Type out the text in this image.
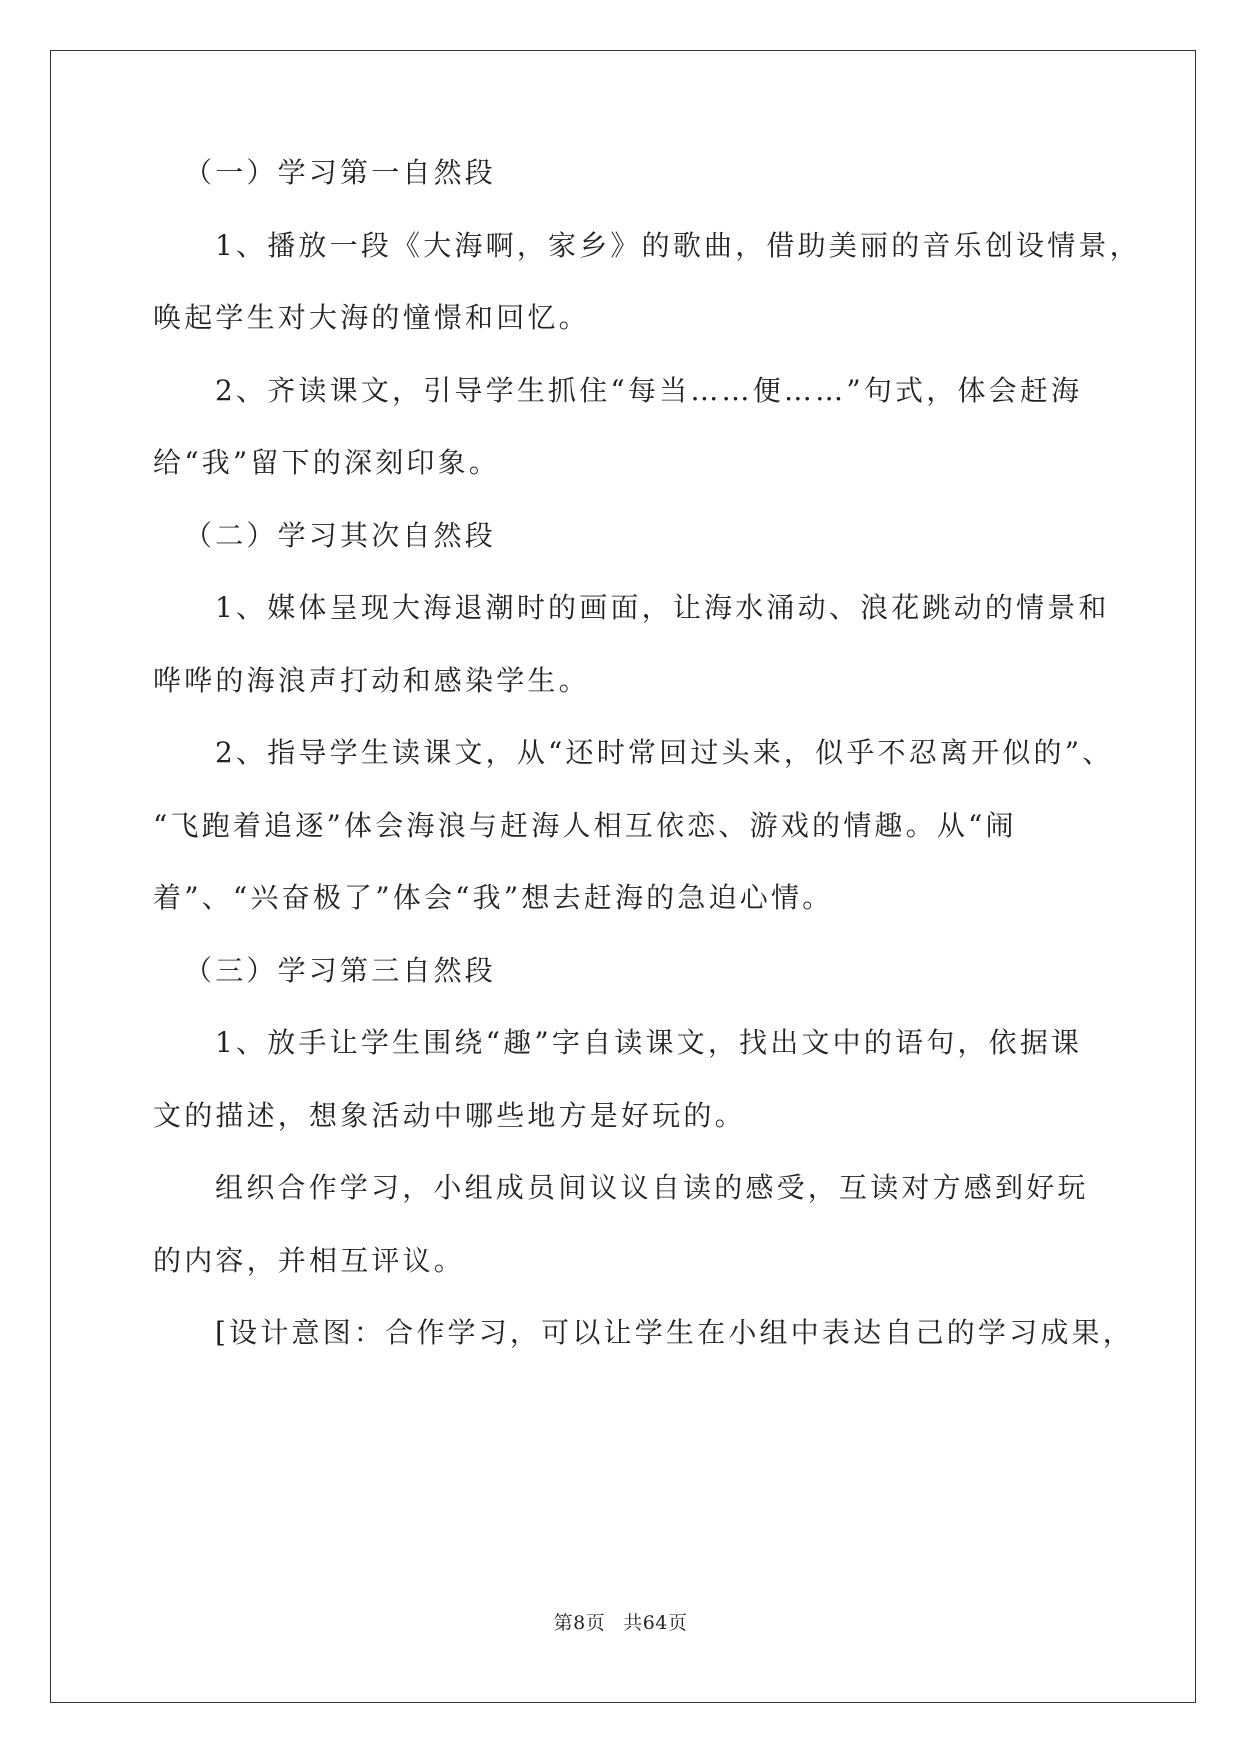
（一）学习第一自然段
1、播放一段《大海啊，家乡》的歌曲，借助美丽的音乐创设情景，
唤起学生对大海的憧憬和回忆。
2、齐读课文，引导学生抓住“每当……便……”句式，体会赶海
给“我”留下的深刻印象。
（二）学习其次自然段
1、媒体呈现大海退潮时的画面，让海水涌动、浪花跳动的情景和
哗哗的海浪声打动和感染学生。
2、指导学生读课文，从“还时常回过头来，似乎不忍离开似的”、
“飞跑着追逐”体会海浪与赶海人相互依恋、游戏的情趣。从“闹
着”、“兴奋极了”体会“我”想去赶海的急迫心情。
（三）学习第三自然段
1、放手让学生围绕“趣”字自读课文，找出文中的语句，依据课
文的描述，想象活动中哪些地方是好玩的。
组织合作学习，小组成员间议议自读的感受，互读对方感到好玩
的内容，并相互评议。
[设计意图：合作学习，可以让学生在小组中表达自己的学习成果，
第8页 共64页
